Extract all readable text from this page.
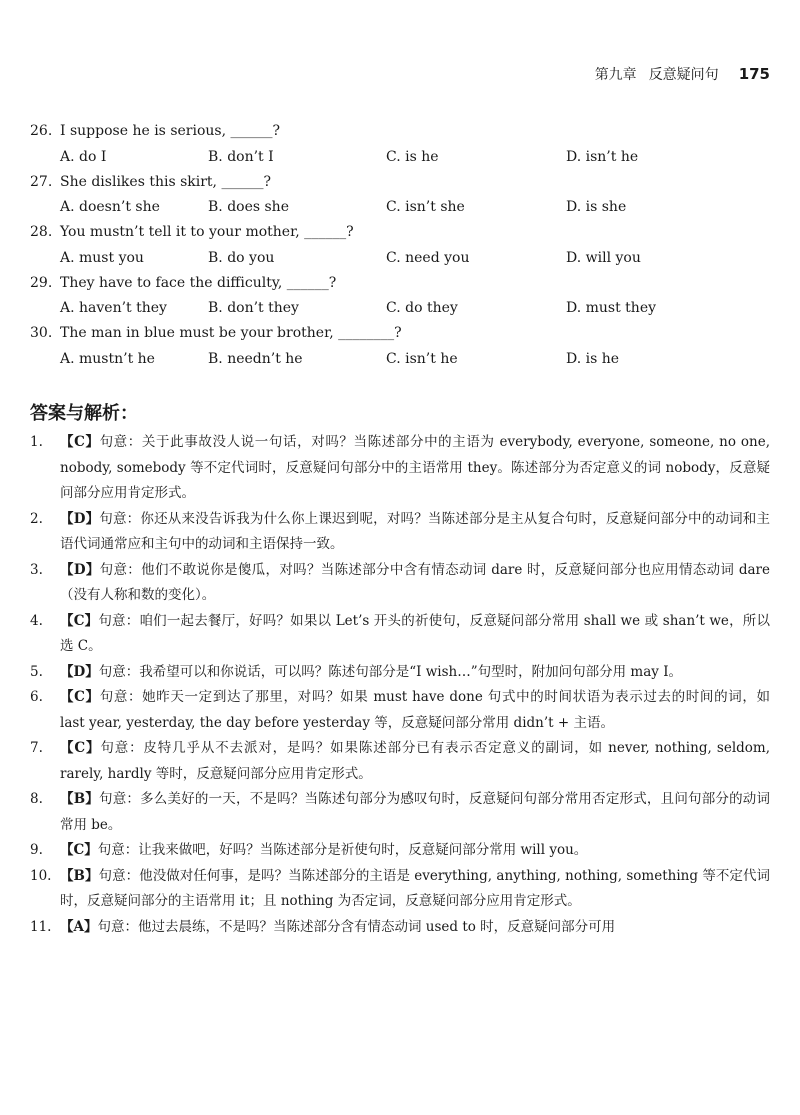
第九章 反意疑问句 175
26. I suppose he is serious, ______?
A. do I	B. don’t I	C. is he	D. isn’t he
27. She dislikes this skirt, ______?
A. doesn’t she	B. does she	C. isn’t she	D. is she
28. You mustn’t tell it to your mother, ______?
A. must you	B. do you	C. need you	D. will you
29. They have to face the difficulty, ______?
A. haven’t they	B. don’t they	C. do they	D. must they
30. The man in blue must be your brother, ________?
A. mustn’t he	B. needn’t he	C. isn’t he	D. is he
答案与解析：
1.	【C】句意：关于此事故没人说一句话，对吗？当陈述部分中的主语为 everybody, everyone, someone, no one, nobody, somebody 等不定代词时，反意疑问句部分中的主语常用 they。陈述部分为否定意义的词 nobody，反意疑问部分应用肯定形式。
2.	【D】句意：你还从来没告诉我为什么你上课迟到呢，对吗？当陈述部分是主从复合句时，反意疑问部分中的动词和主语代词通常应和主句中的动词和主语保持一致。
3.	【D】句意：他们不敢说你是傻瓜，对吗？当陈述部分中含有情态动词 dare 时，反意疑问部分也应用情态动词 dare（没有人称和数的变化）。
4.	【C】句意：咱们一起去餐厅，好吗？如果以 Let’s 开头的祈使句，反意疑问部分常用 shall we 或 shan’t we，所以选 C。
5.	【D】句意：我希望可以和你说话，可以吗？陈述句部分是“I wish…”句型时，附加问句部分用 may I。
6.	【C】句意：她昨天一定到达了那里，对吗？如果 must have done 句式中的时间状语为表示过去的时间的词，如 last year, yesterday, the day before yesterday 等，反意疑问部分常用 didn’t + 主语。
7.	【C】句意：皮特几乎从不去派对，是吗？如果陈述部分已有表示否定意义的副词，如 never, nothing, seldom, rarely, hardly 等时，反意疑问部分应用肯定形式。
8.	【B】句意：多么美好的一天，不是吗？当陈述句部分为感叹句时，反意疑问句部分常用否定形式，且问句部分的动词常用 be。
9.	【C】句意：让我来做吧，好吗？当陈述部分是祈使句时，反意疑问部分常用 will you。
10. 【B】句意：他没做对任何事，是吗？当陈述部分的主语是 everything, anything, nothing, something 等不定代词时，反意疑问部分的主语常用 it；且 nothing 为否定词，反意疑问部分应用肯定形式。
11. 【A】句意：他过去晨练，不是吗？当陈述部分含有情态动词 used to 时，反意疑问部分可用
